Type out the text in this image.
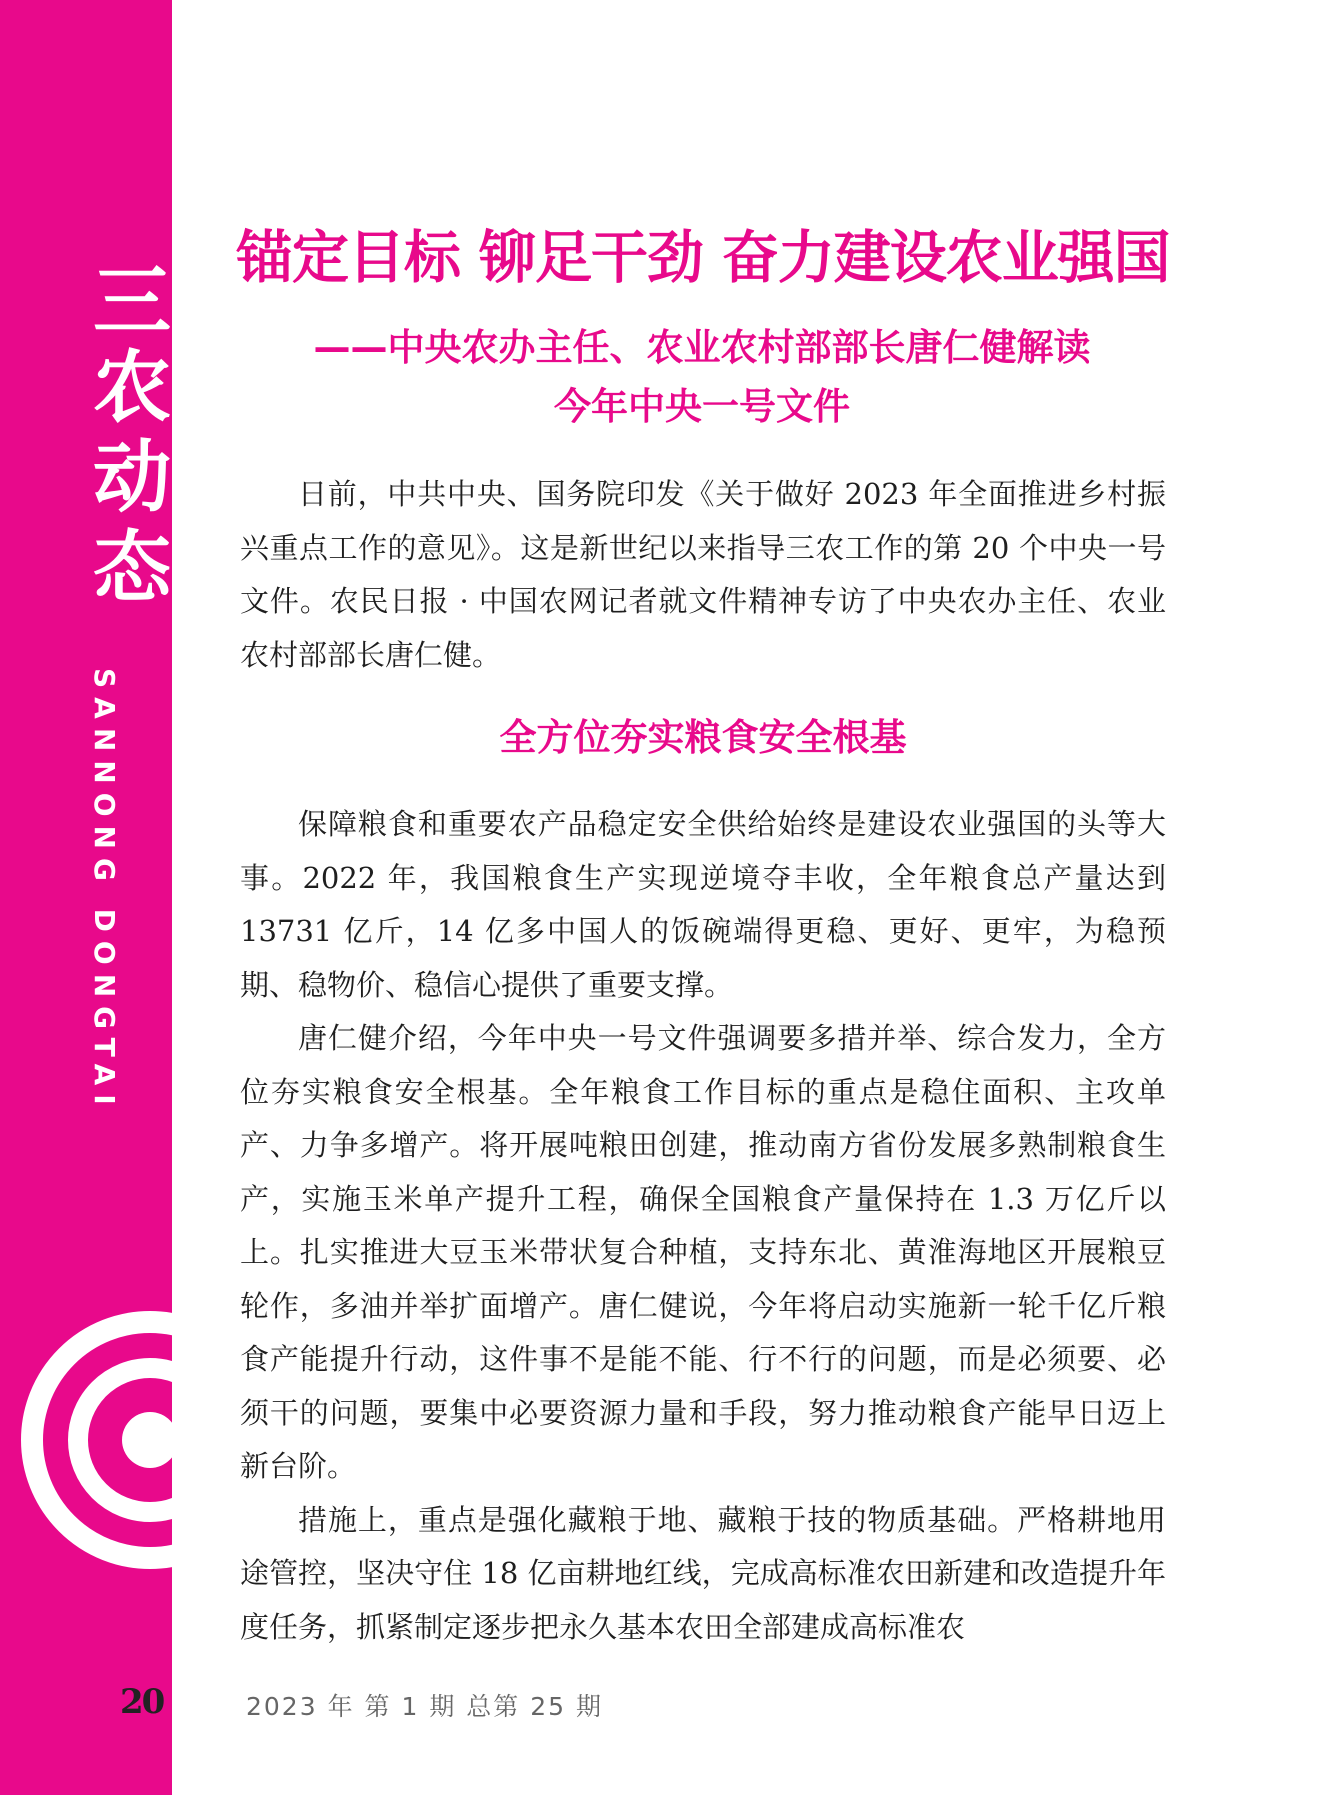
三
农
动
态
SANNONG DONGTAI
20	2023 年 第 1 期 总第 25 期
锚定目标 铆足干劲 奋力建设农业强国
——中央农办主任、农业农村部部长唐仁健解读
今年中央一号文件

日前，中共中央、国务院印发《关于做好 2023 年全面推进乡村振兴重点工作的意见》。这是新世纪以来指导三农工作的第 20 个中央一号文件。农民日报 · 中国农网记者就文件精神专访了中央农办主任、农业农村部部长唐仁健。

全方位夯实粮食安全根基

保障粮食和重要农产品稳定安全供给始终是建设农业强国的头等大事。2022 年，我国粮食生产实现逆境夺丰收，全年粮食总产量达到 13731 亿斤，14 亿多中国人的饭碗端得更稳、更好、更牢，为稳预期、稳物价、稳信心提供了重要支撑。

唐仁健介绍，今年中央一号文件强调要多措并举、综合发力，全方位夯实粮食安全根基。全年粮食工作目标的重点是稳住面积、主攻单产、力争多增产。将开展吨粮田创建，推动南方省份发展多熟制粮食生产，实施玉米单产提升工程，确保全国粮食产量保持在 1.3 万亿斤以上。扎实推进大豆玉米带状复合种植，支持东北、黄淮海地区开展粮豆轮作，多油并举扩面增产。唐仁健说，今年将启动实施新一轮千亿斤粮食产能提升行动，这件事不是能不能、行不行的问题，而是必须要、必须干的问题，要集中必要资源力量和手段，努力推动粮食产能早日迈上新台阶。

措施上，重点是强化藏粮于地、藏粮于技的物质基础。严格耕地用途管控，坚决守住 18 亿亩耕地红线，完成高标准农田新建和改造提升年度任务，抓紧制定逐步把永久基本农田全部建成高标准农
